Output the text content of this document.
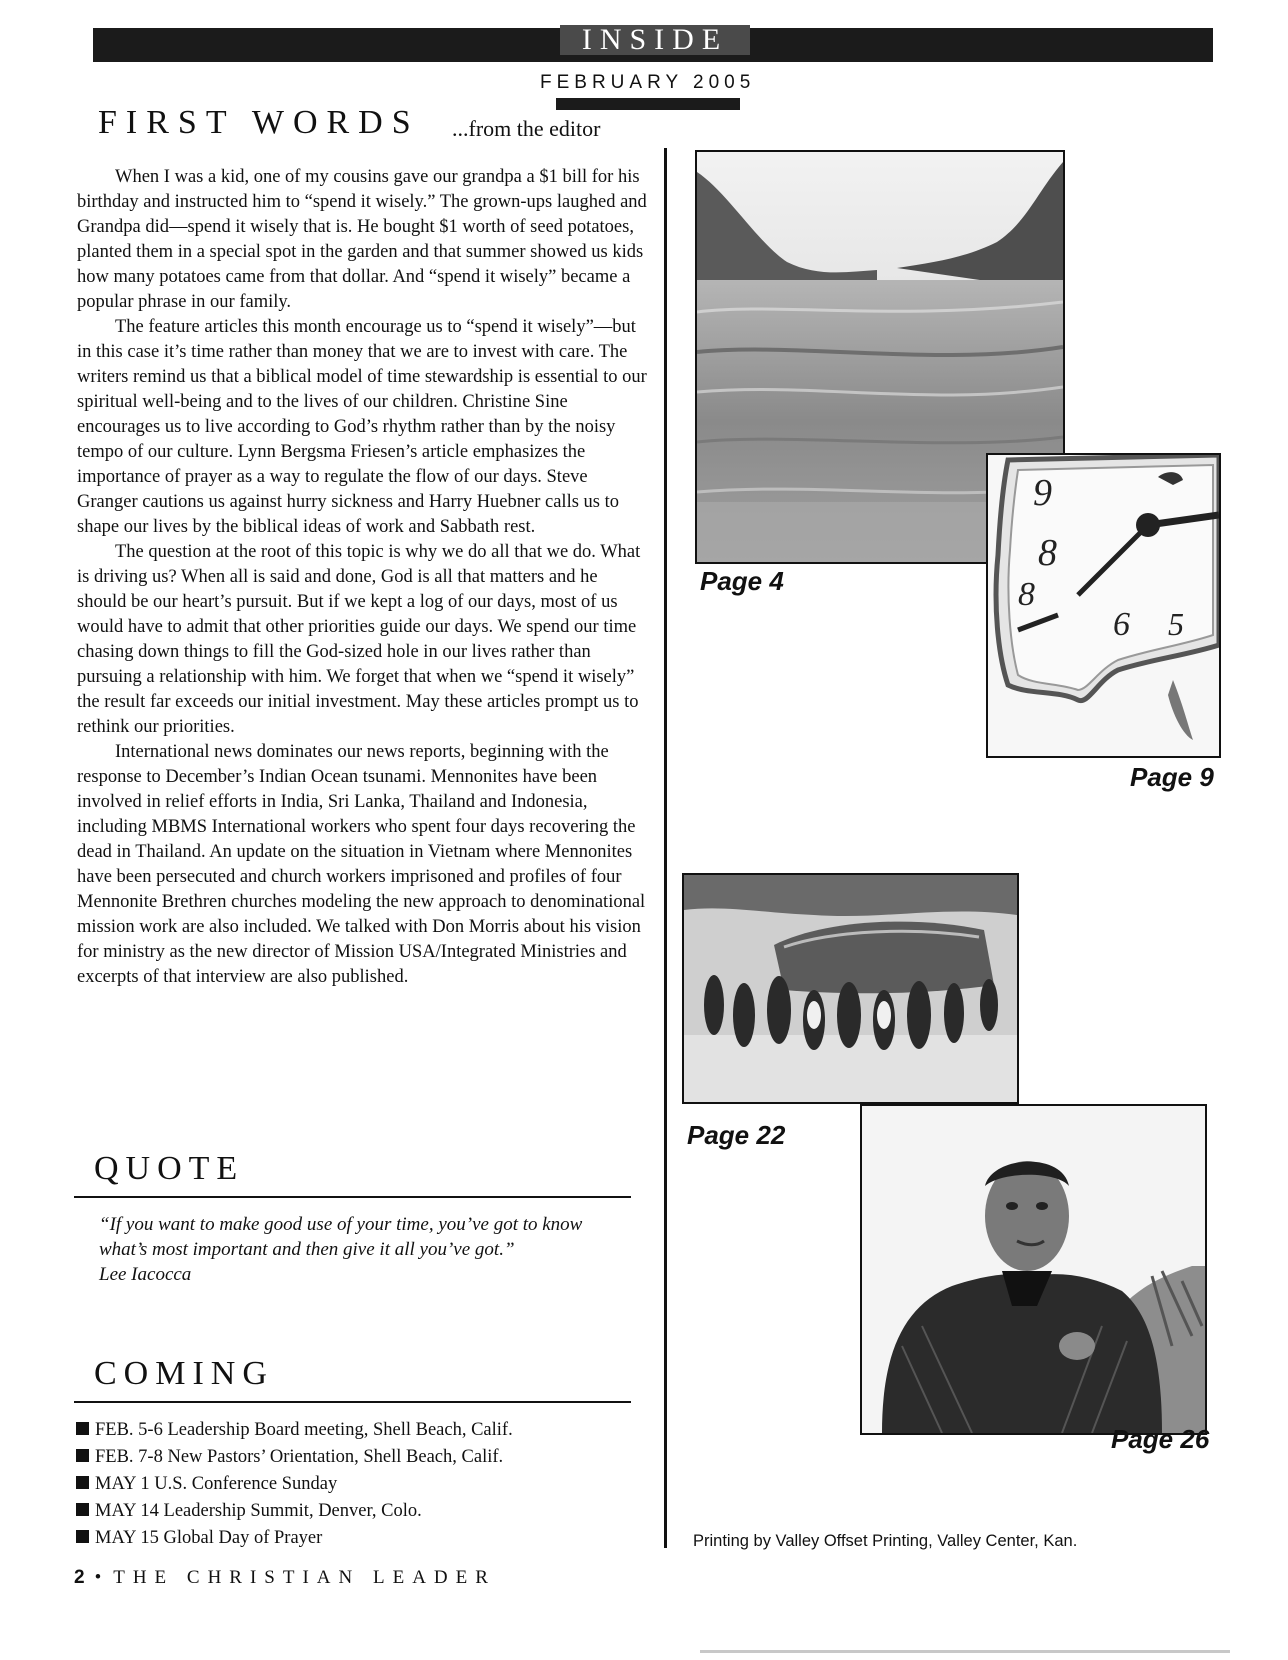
INSIDE
FEBRUARY 2005
FIRST WORDS ...from the editor

When I was a kid, one of my cousins gave our grandpa a $1 bill for his birthday and instructed him to “spend it wisely.” The grown-ups laughed and Grandpa did—spend it wisely that is. He bought $1 worth of seed potatoes, planted them in a special spot in the garden and that summer showed us kids how many potatoes came from that dollar. And “spend it wisely” became a popular phrase in our family.

The feature articles this month encourage us to “spend it wisely”—but in this case it’s time rather than money that we are to invest with care. The writers remind us that a biblical model of time stewardship is essential to our spiritual well-being and to the lives of our children. Christine Sine encourages us to live according to God’s rhythm rather than by the noisy tempo of our culture. Lynn Bergsma Friesen’s article emphasizes the importance of prayer as a way to regulate the flow of our days. Steve Granger cautions us against hurry sickness and Harry Huebner calls us to shape our lives by the biblical ideas of work and Sabbath rest.

The question at the root of this topic is why we do all that we do. What is driving us? When all is said and done, God is all that matters and he should be our heart’s pursuit. But if we kept a log of our days, most of us would have to admit that other priorities guide our days. We spend our time chasing down things to fill the God-sized hole in our lives rather than pursuing a relationship with him. We forget that when we “spend it wisely” the result far exceeds our initial investment. May these articles prompt us to rethink our priorities.

International news dominates our news reports, beginning with the response to December’s Indian Ocean tsunami. Mennonites have been involved in relief efforts in India, Sri Lanka, Thailand and Indonesia, including MBMS International workers who spent four days recovering the dead in Thailand. An update on the situation in Vietnam where Mennonites have been persecuted and church workers imprisoned and profiles of four Mennonite Brethren churches modeling the new approach to denominational mission work are also included. We talked with Don Morris about his vision for ministry as the new director of Mission USA/Integrated Ministries and excerpts of that interview are also published.

QUOTE
“If you want to make good use of your time, you’ve got to know what’s most important and then give it all you’ve got.”
Lee Iacocca
COMING
FEB. 5-6 Leadership Board meeting, Shell Beach, Calif.
FEB. 7-8 New Pastors’ Orientation, Shell Beach, Calif.
MAY 1 U.S. Conference Sunday
MAY 14 Leadership Summit, Denver, Colo.
MAY 15 Global Day of Prayer
2 • THE CHRISTIAN LEADER
Page 4
9
8
8
6 5
Page 9
Page 22
Page 26
Printing by Valley Offset Printing, Valley Center, Kan.
